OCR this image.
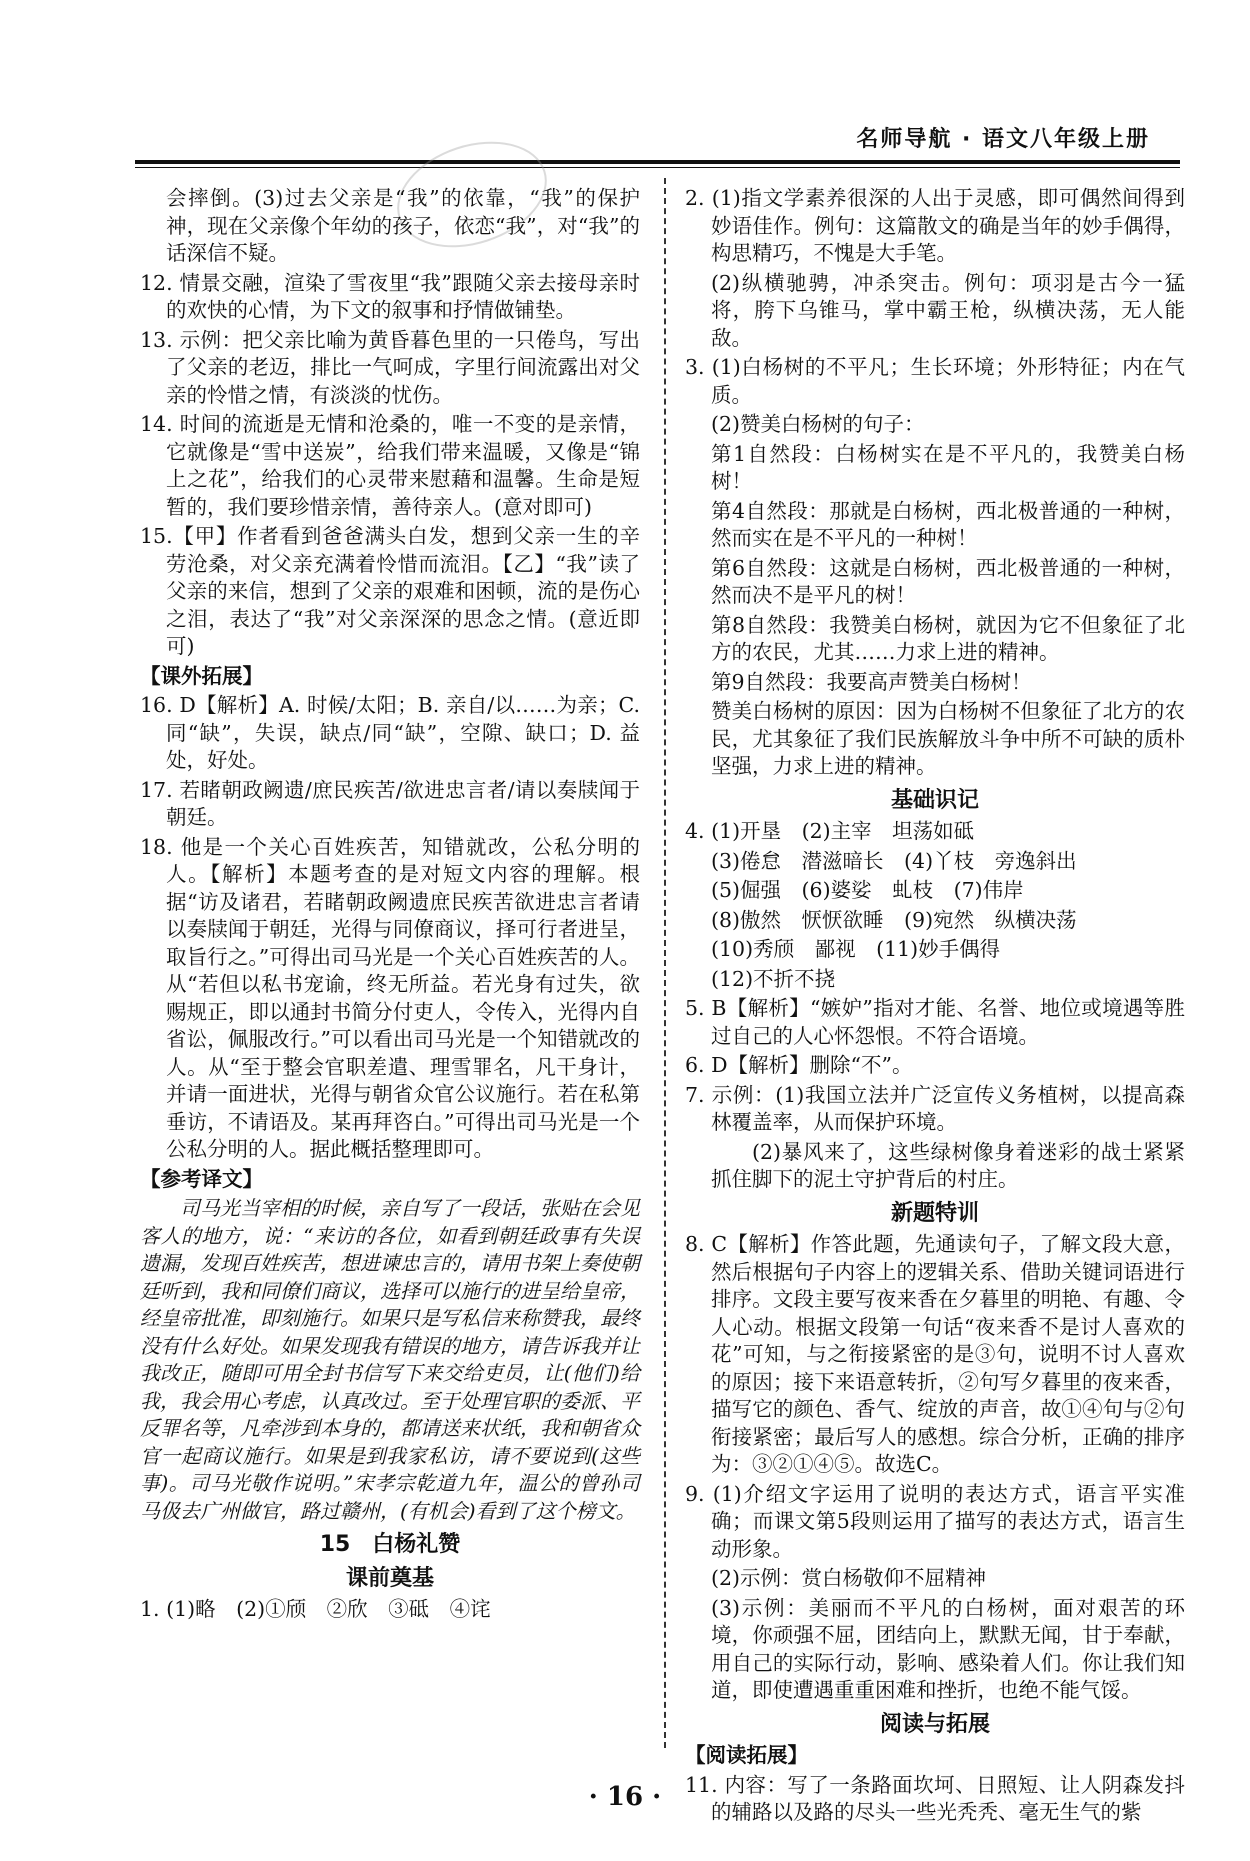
名师导航 · 语文八年级上册
会摔倒。(3)过去父亲是“我”的依靠，“我”的保护神，现在父亲像个年幼的孩子，依恋“我”，对“我”的话深信不疑。
12. 情景交融，渲染了雪夜里“我”跟随父亲去接母亲时的欢快的心情，为下文的叙事和抒情做铺垫。
13. 示例：把父亲比喻为黄昏暮色里的一只倦鸟，写出了父亲的老迈，排比一气呵成，字里行间流露出对父亲的怜惜之情，有淡淡的忧伤。
14. 时间的流逝是无情和沧桑的，唯一不变的是亲情，它就像是“雪中送炭”，给我们带来温暖，又像是“锦上之花”，给我们的心灵带来慰藉和温馨。生命是短暂的，我们要珍惜亲情，善待亲人。(意对即可)
15.【甲】作者看到爸爸满头白发，想到父亲一生的辛劳沧桑，对父亲充满着怜惜而流泪。【乙】“我”读了父亲的来信，想到了父亲的艰难和困顿，流的是伤心之泪，表达了“我”对父亲深深的思念之情。(意近即可)
【课外拓展】
16. D【解析】A. 时候/太阳；B. 亲自/以……为亲；C. 同“缺”，失误，缺点/同“缺”，空隙、缺口；D. 益处，好处。
17. 若睹朝政阙遗/庶民疾苦/欲进忠言者/请以奏牍闻于朝廷。
18. 他是一个关心百姓疾苦，知错就改，公私分明的人。【解析】本题考查的是对短文内容的理解。根据“访及诸君，若睹朝政阙遗庶民疾苦欲进忠言者请以奏牍闻于朝廷，光得与同僚商议，择可行者进呈，取旨行之。”可得出司马光是一个关心百姓疾苦的人。从“若但以私书宠谕，终无所益。若光身有过失，欲赐规正，即以通封书简分付吏人，令传入，光得内自省讼，佩服改行。”可以看出司马光是一个知错就改的人。从“至于整会官职差遣、理雪罪名，凡干身计，并请一面进状，光得与朝省众官公议施行。若在私第垂访，不请语及。某再拜咨白。”可得出司马光是一个公私分明的人。据此概括整理即可。
【参考译文】
司马光当宰相的时候，亲自写了一段话，张贴在会见客人的地方，说：“来访的各位，如看到朝廷政事有失误遗漏，发现百姓疾苦，想进谏忠言的，请用书架上奏使朝廷听到，我和同僚们商议，选择可以施行的进呈给皇帝，经皇帝批准，即刻施行。如果只是写私信来称赞我，最终没有什么好处。如果发现我有错误的地方，请告诉我并让我改正，随即可用全封书信写下来交给吏员，让(他们)给我，我会用心考虑，认真改过。至于处理官职的委派、平反罪名等，凡牵涉到本身的，都请送来状纸，我和朝省众官一起商议施行。如果是到我家私访，请不要说到(这些事)。司马光敬作说明。”宋孝宗乾道九年，温公的曾孙司马伋去广州做官，路过赣州，(有机会)看到了这个榜文。
15　白杨礼赞
课前奠基
1. (1)略　(2)①颀　②欣　③砥　④诧
2. (1)指文学素养很深的人出于灵感，即可偶然间得到妙语佳作。例句：这篇散文的确是当年的妙手偶得，构思精巧，不愧是大手笔。
(2)纵横驰骋，冲杀突击。例句：项羽是古今一猛将，胯下乌锥马，掌中霸王枪，纵横决荡，无人能敌。
3. (1)白杨树的不平凡；生长环境；外形特征；内在气质。
(2)赞美白杨树的句子：
第1自然段：白杨树实在是不平凡的，我赞美白杨树！
第4自然段：那就是白杨树，西北极普通的一种树，然而实在是不平凡的一种树！
第6自然段：这就是白杨树，西北极普通的一种树，然而决不是平凡的树！
第8自然段：我赞美白杨树，就因为它不但象征了北方的农民，尤其……力求上进的精神。
第9自然段：我要高声赞美白杨树！
赞美白杨树的原因：因为白杨树不但象征了北方的农民，尤其象征了我们民族解放斗争中所不可缺的质朴坚强，力求上进的精神。
基础识记
4. (1)开垦　(2)主宰　坦荡如砥
(3)倦怠　潜滋暗长　(4)丫枝　旁逸斜出
(5)倔强　(6)婆娑　虬枝　(7)伟岸
(8)傲然　恹恹欲睡　(9)宛然　纵横决荡
(10)秀颀　鄙视　(11)妙手偶得
(12)不折不挠
5. B【解析】“嫉妒”指对才能、名誉、地位或境遇等胜过自己的人心怀怨恨。不符合语境。
6. D【解析】删除“不”。
7. 示例：(1)我国立法并广泛宣传义务植树，以提高森林覆盖率，从而保护环境。
(2)暴风来了，这些绿树像身着迷彩的战士紧紧抓住脚下的泥土守护背后的村庄。
新题特训
8. C【解析】作答此题，先通读句子，了解文段大意，然后根据句子内容上的逻辑关系、借助关键词语进行排序。文段主要写夜来香在夕暮里的明艳、有趣、令人心动。根据文段第一句话“夜来香不是讨人喜欢的花”可知，与之衔接紧密的是③句，说明不讨人喜欢的原因；接下来语意转折，②句写夕暮里的夜来香，描写它的颜色、香气、绽放的声音，故①④句与②句衔接紧密；最后写人的感想。综合分析，正确的排序为：③②①④⑤。故选C。
9. (1)介绍文字运用了说明的表达方式，语言平实准确；而课文第5段则运用了描写的表达方式，语言生动形象。
(2)示例：赏白杨敬仰不屈精神
(3)示例：美丽而不平凡的白杨树，面对艰苦的环境，你顽强不屈，团结向上，默默无闻，甘于奉献，用自己的实际行动，影响、感染着人们。你让我们知道，即使遭遇重重困难和挫折，也绝不能气馁。
阅读与拓展
【阅读拓展】
11. 内容：写了一条路面坎坷、日照短、让人阴森发抖的辅路以及路的尽头一些光秃秃、毫无生气的紫
· 16 ·
